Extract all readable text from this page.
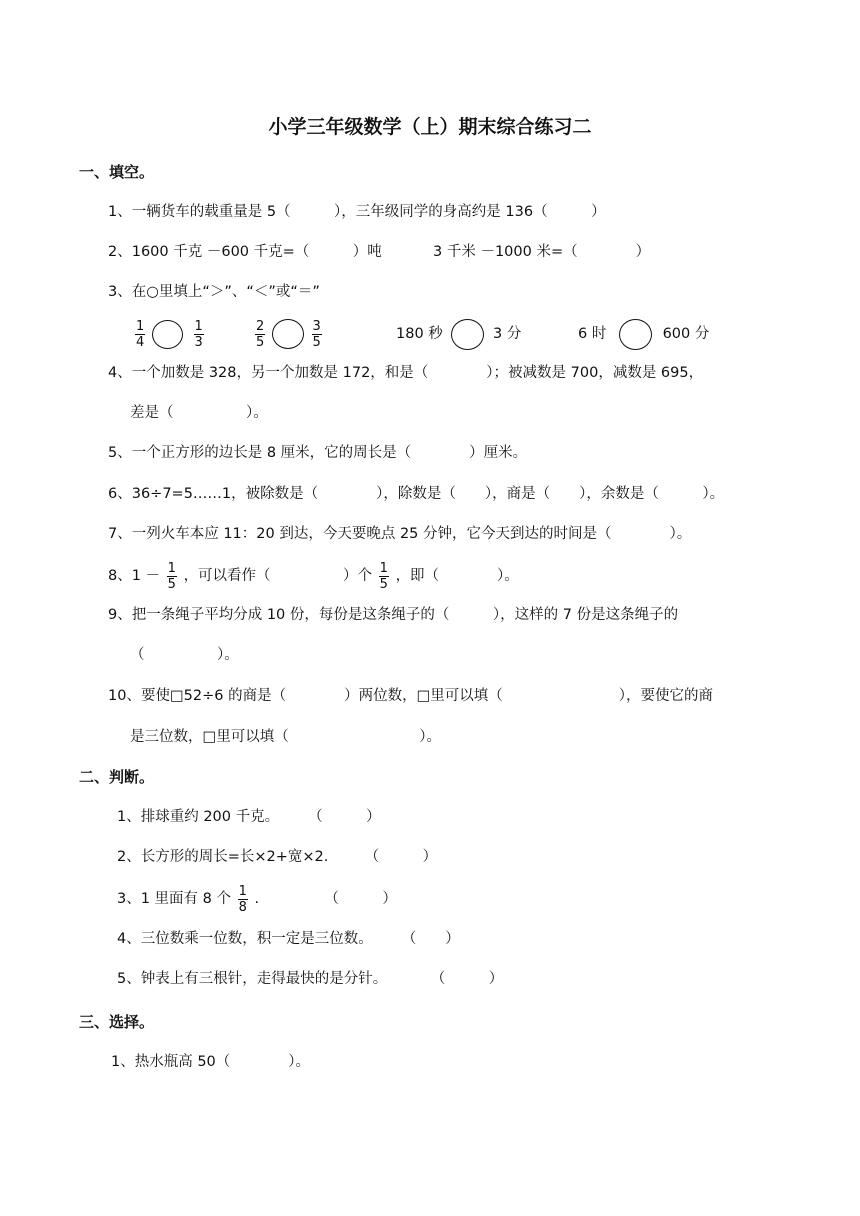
小学三年级数学（上）期末综合练习二
一、填空。
1、一辆货车的载重量是 5（　　　），三年级同学的身高约是 136（　　　）
2、1600 千克 －600 千克=（　　　）吨	3 千米 －1000 米=（　　　　）
3、在○里填上“＞”、“＜”或“＝”
$\frac{1}{4}$
	$\frac{1}{3}$	$\frac{2}{5}$
	$\frac{3}{5}$	180 秒	3 分	6 时	600 分
4、一个加数是 328，另一个加数是 172，和是（　　　　）；被减数是 700，减数是 695，
差是（　　　　　）。
5、一个正方形的边长是 8 厘米，它的周长是（　　　　）厘米。
6、36÷7=5……1，被除数是（　　　　），除数是（　　），商是（　　），余数是（　　　）。
7、一列火车本应 11：20 到达，今天要晚点 25 分钟，它今天到达的时间是（　　　　）。
8、$1 - \frac{1}{5}$ ，可以看作（　　　　　）个 $\frac{1}{5}$ ，即（　　　　）。
9、把一条绳子平均分成 10 份，每份是这条绳子的（　　　），这样的 7 份是这条绳子的
（　　　　　）。
10、要使□52÷6 的商是（　　　　）两位数，□里可以填（　　　　　　　　），要使它的商
是三位数，□里可以填（　　　　　　　　　）。
二、判断。
1、排球重约 200 千克。　　　（　　　）
2、长方形的周长=长×2+宽×2.　　　（　　　）
3、1 里面有 8 个 $\frac{1}{8}$ .　　　　　（　　　）
4、三位数乘一位数，积一定是三位数。　　　（　　）
5、钟表上有三根针，走得最快的是分针。　　　　（　　　）
三、选择。
1、热水瓶高 50（　　　　）。
